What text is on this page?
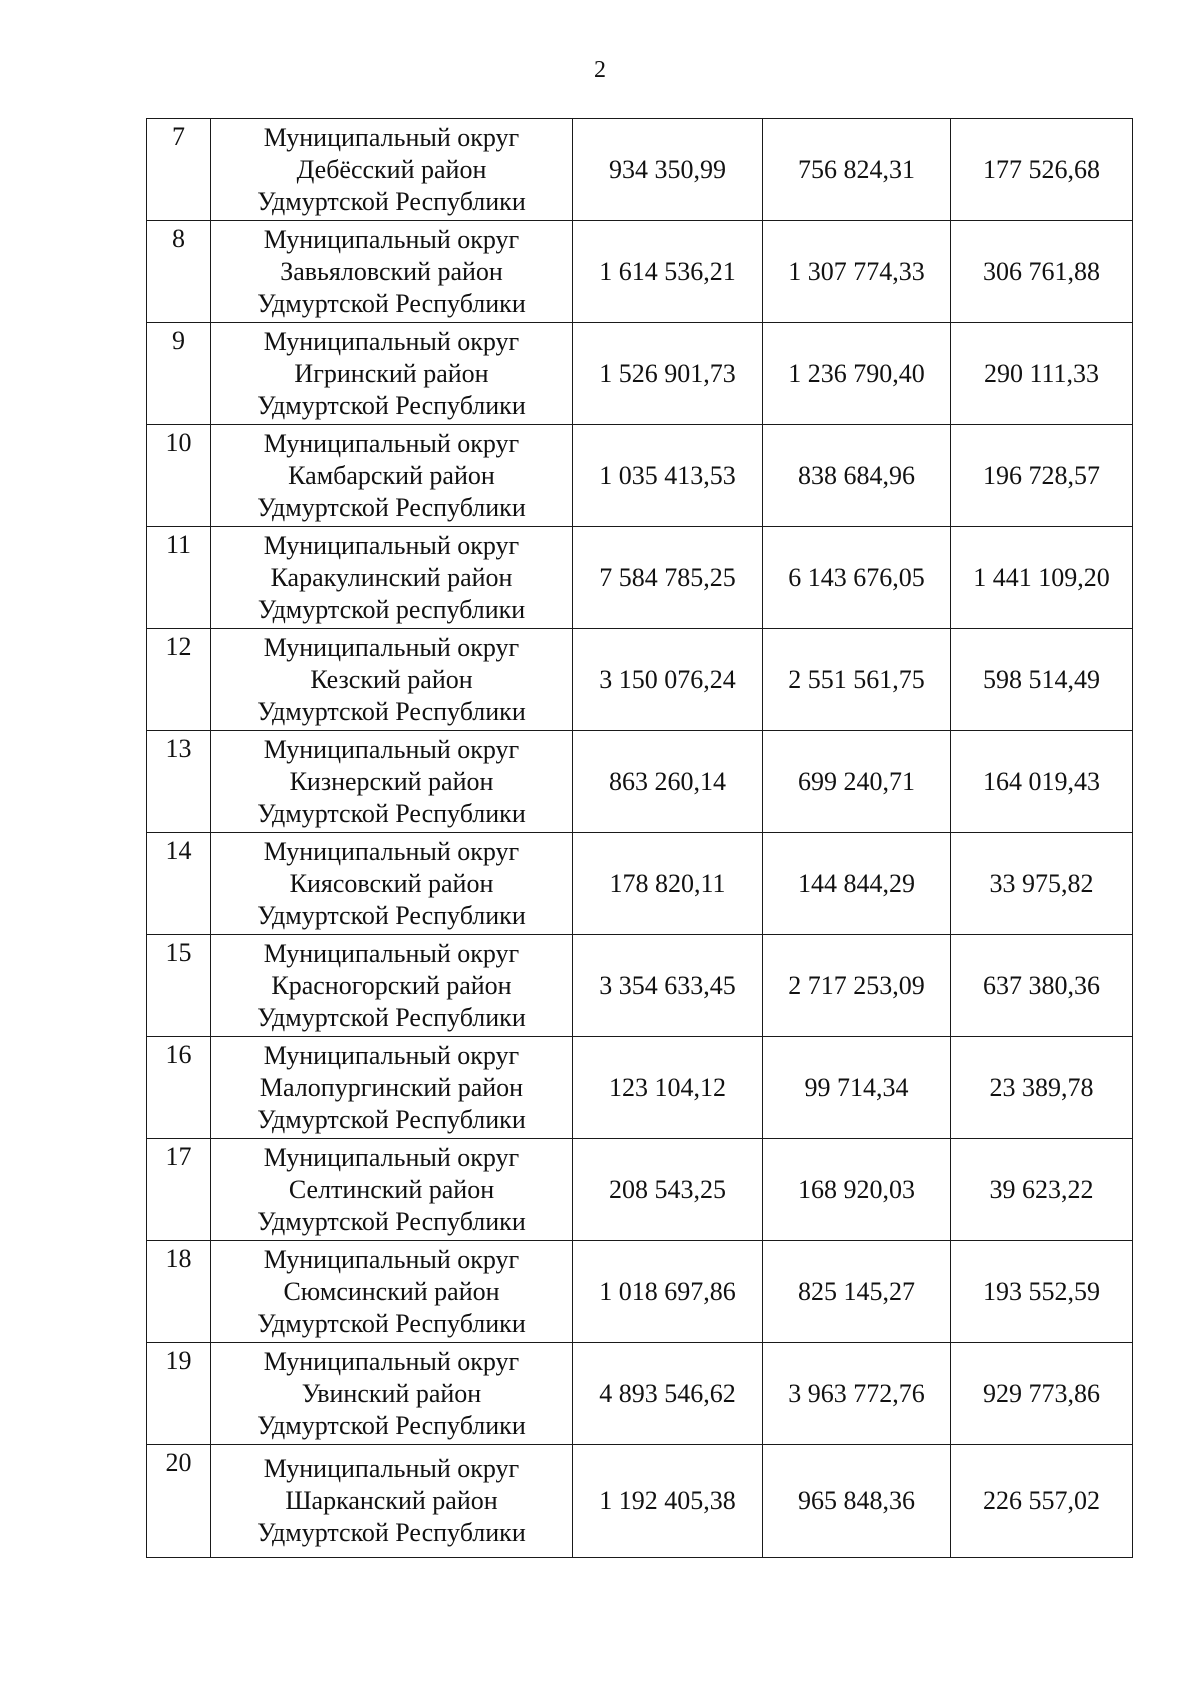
2
7	Муниципальный округ
Дебёсский район
Удмуртской Республики	934 350,99	756 824,31	177 526,68
8	Муниципальный округ
Завьяловский район
Удмуртской Республики	1 614 536,21	1 307 774,33	306 761,88
9	Муниципальный округ
Игринский район
Удмуртской Республики	1 526 901,73	1 236 790,40	290 111,33
10	Муниципальный округ
Камбарский район
Удмуртской Республики	1 035 413,53	838 684,96	196 728,57
11	Муниципальный округ
Каракулинский район
Удмуртской республики	7 584 785,25	6 143 676,05	1 441 109,20
12	Муниципальный округ
Кезский район
Удмуртской Республики	3 150 076,24	2 551 561,75	598 514,49
13	Муниципальный округ
Кизнерский район
Удмуртской Республики	863 260,14	699 240,71	164 019,43
14	Муниципальный округ
Киясовский район
Удмуртской Республики	178 820,11	144 844,29	33 975,82
15	Муниципальный округ
Красногорский район
Удмуртской Республики	3 354 633,45	2 717 253,09	637 380,36
16	Муниципальный округ
Малопургинский район
Удмуртской Республики	123 104,12	99 714,34	23 389,78
17	Муниципальный округ
Селтинский район
Удмуртской Республики	208 543,25	168 920,03	39 623,22
18	Муниципальный округ
Сюмсинский район
Удмуртской Республики	1 018 697,86	825 145,27	193 552,59
19	Муниципальный округ
Увинский район
Удмуртской Республики	4 893 546,62	3 963 772,76	929 773,86
20	Муниципальный округ
Шарканский район
Удмуртской Республики	1 192 405,38	965 848,36	226 557,02
